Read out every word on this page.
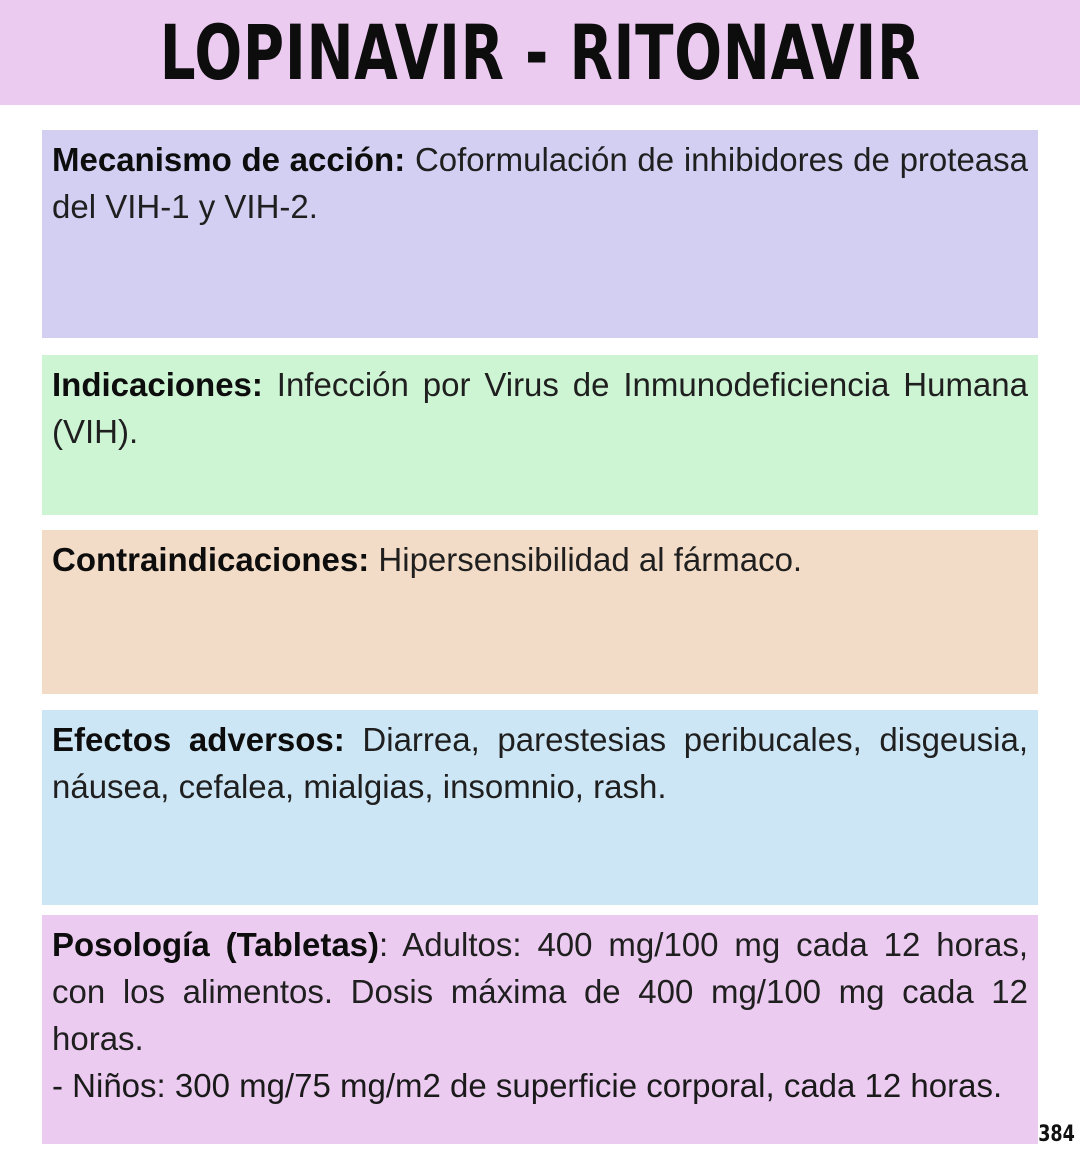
LOPINAVIR - RITONAVIR

Mecanismo de acción: Coformulación de inhibidores de proteasa del VIH-1 y VIH-2.

Indicaciones: Infección por Virus de Inmunodeficiencia Humana (VIH).

Contraindicaciones: Hipersensibilidad al fármaco.

Efectos adversos: Diarrea, parestesias peribucales, disgeusia, náusea, cefalea, mialgias, insomnio, rash.

Posología (Tabletas): Adultos: 400 mg/100 mg cada 12 horas, con los alimentos. Dosis máxima de 400 mg/100 mg cada 12 horas.

- Niños: 300 mg/75 mg/m2 de superficie corporal, cada 12 horas.

384
